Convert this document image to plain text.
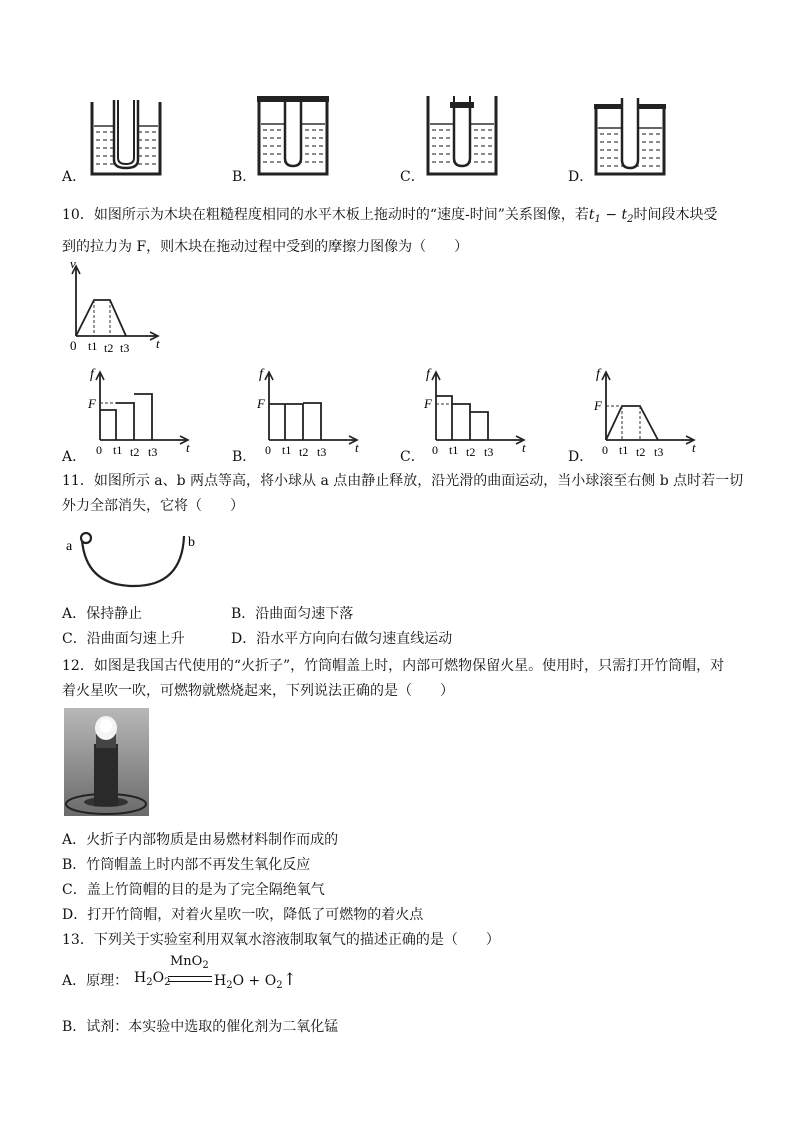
A．	B．	C．	D．
10．如图所示为木块在粗糙程度相同的水平木板上拖动时的“速度-时间”关系图像，若$t_1 - t_2$时间段木块受
到的拉力为 F，则木块在拖动过程中受到的摩擦力图像为（　　）
v
t
0 t1 t2 t3
f
F
t
0 t1 t2 t3
A．
f
F
t
0 t1 t2 t3
B．
f
F
t
0 t1 t2 t3
C．
f
F
t
0 t1 t2 t3
D．
11．如图所示 a、b 两点等高，将小球从 a 点由静止释放，沿光滑的曲面运动，当小球滚至右侧 b 点时若一切
外力全部消失，它将（　　）
a	b
A．保持静止	B．沿曲面匀速下落
C．沿曲面匀速上升	D．沿水平方向向右做匀速直线运动
12．如图是我国古代使用的“火折子”，竹筒帽盖上时，内部可燃物保留火星。使用时，只需打开竹筒帽，对
着火星吹一吹，可燃物就燃烧起来，下列说法正确的是（　　）
A．火折子内部物质是由易燃材料制作而成的
B．竹筒帽盖上时内部不再发生氧化反应
C．盖上竹筒帽的目的是为了完全隔绝氧气
D．打开竹筒帽，对着火星吹一吹，降低了可燃物的着火点
13．下列关于实验室利用双氧水溶液制取氧气的描述正确的是（　　）
A．原理： $H_2O_2$
MnO$_2$
$H_2O$ + $O_2↑$
B．试剂：本实验中选取的催化剂为二氧化锰
